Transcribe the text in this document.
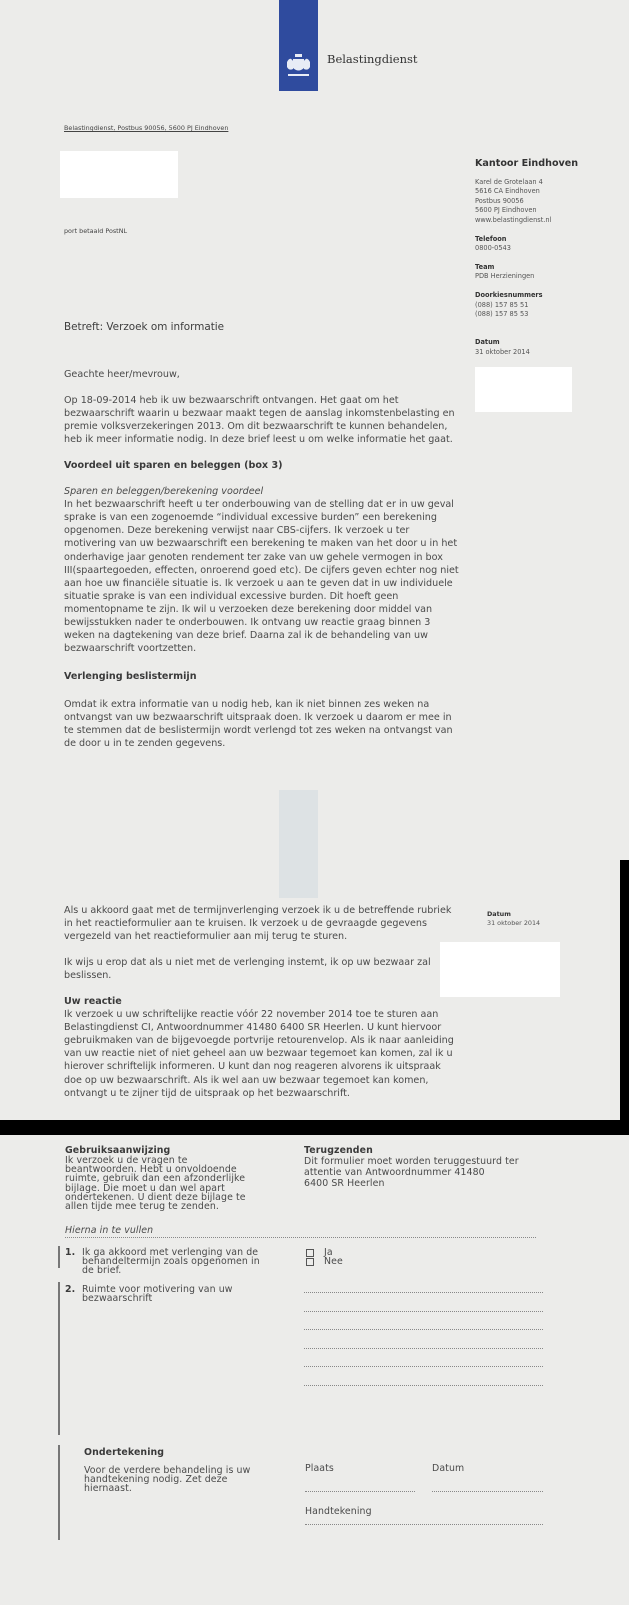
Belastingdienst
Belastingdienst, Postbus 90056, 5600 PJ Eindhoven
port betaald PostNL
Kantoor Eindhoven
Karel de Grotelaan 4
5616 CA Eindhoven
Postbus 90056
5600 PJ Eindhoven
www.belastingdienst.nl
Telefoon
0800-0543
Team
PDB Herzieningen
Doorkiesnummers
(088) 157 85 51
(088) 157 85 53
Datum
31 oktober 2014
Betreft: Verzoek om informatie

Geachte heer/mevrouw,

Op 18-09-2014 heb ik uw bezwaarschrift ontvangen. Het gaat om het

bezwaarschrift waarin u bezwaar maakt tegen de aanslag inkomstenbelasting en

premie volksverzekeringen 2013. Om dit bezwaarschrift te kunnen behandelen,

heb ik meer informatie nodig. In deze brief leest u om welke informatie het gaat.

Voordeel uit sparen en beleggen (box 3)

Sparen en beleggen/berekening voordeel

In het bezwaarschrift heeft u ter onderbouwing van de stelling dat er in uw geval

sprake is van een zogenoemde “individual excessive burden” een berekening

opgenomen. Deze berekening verwijst naar CBS-cijfers. Ik verzoek u ter

motivering van uw bezwaarschrift een berekening te maken van het door u in het

onderhavige jaar genoten rendement ter zake van uw gehele vermogen in box

III(spaartegoeden, effecten, onroerend goed etc). De cijfers geven echter nog niet

aan hoe uw financiële situatie is. Ik verzoek u aan te geven dat in uw individuele

situatie sprake is van een individual excessive burden. Dit hoeft geen

momentopname te zijn. Ik wil u verzoeken deze berekening door middel van

bewijsstukken nader te onderbouwen. Ik ontvang uw reactie graag binnen 3

weken na dagtekening van deze brief. Daarna zal ik de behandeling van uw

bezwaarschrift voortzetten.

Verlenging beslistermijn

Omdat ik extra informatie van u nodig heb, kan ik niet binnen zes weken na

ontvangst van uw bezwaarschrift uitspraak doen. Ik verzoek u daarom er mee in

te stemmen dat de beslistermijn wordt verlengd tot zes weken na ontvangst van

de door u in te zenden gegevens.

Datum
31 oktober 2014

Als u akkoord gaat met de termijnverlenging verzoek ik u de betreffende rubriek

in het reactieformulier aan te kruisen. Ik verzoek u de gevraagde gegevens

vergezeld van het reactieformulier aan mij terug te sturen.

Ik wijs u erop dat als u niet met de verlenging instemt, ik op uw bezwaar zal

beslissen.

Uw reactie

Ik verzoek u uw schriftelijke reactie vóór 22 november 2014 toe te sturen aan

Belastingdienst CI, Antwoordnummer 41480 6400 SR Heerlen. U kunt hiervoor

gebruikmaken van de bijgevoegde portvrije retourenvelop. Als ik naar aanleiding

van uw reactie niet of niet geheel aan uw bezwaar tegemoet kan komen, zal ik u

hierover schriftelijk informeren. U kunt dan nog reageren alvorens ik uitspraak

doe op uw bezwaarschrift. Als ik wel aan uw bezwaar tegemoet kan komen,

ontvangt u te zijner tijd de uitspraak op het bezwaarschrift.

Gebruiksaanwijzing
Ik verzoek u de vragen te
beantwoorden. Hebt u onvoldoende
ruimte, gebruik dan een afzonderlijke
bijlage. Die moet u dan wel apart
ondertekenen. U dient deze bijlage te
allen tijde mee terug te zenden.
Terugzenden
Dit formulier moet worden teruggestuurd ter
attentie van Antwoordnummer 41480
6400 SR Heerlen
Hierna in te vullen
1. Ik ga akkoord met verlenging van de
behandeltermijn zoals opgenomen in
de brief.
Ja
Nee
2. Ruimte voor motivering van uw
bezwaarschrift
Ondertekening
Voor de verdere behandeling is uw
handtekening nodig. Zet deze
hiernaast.
Plaats	Datum
Handtekening
